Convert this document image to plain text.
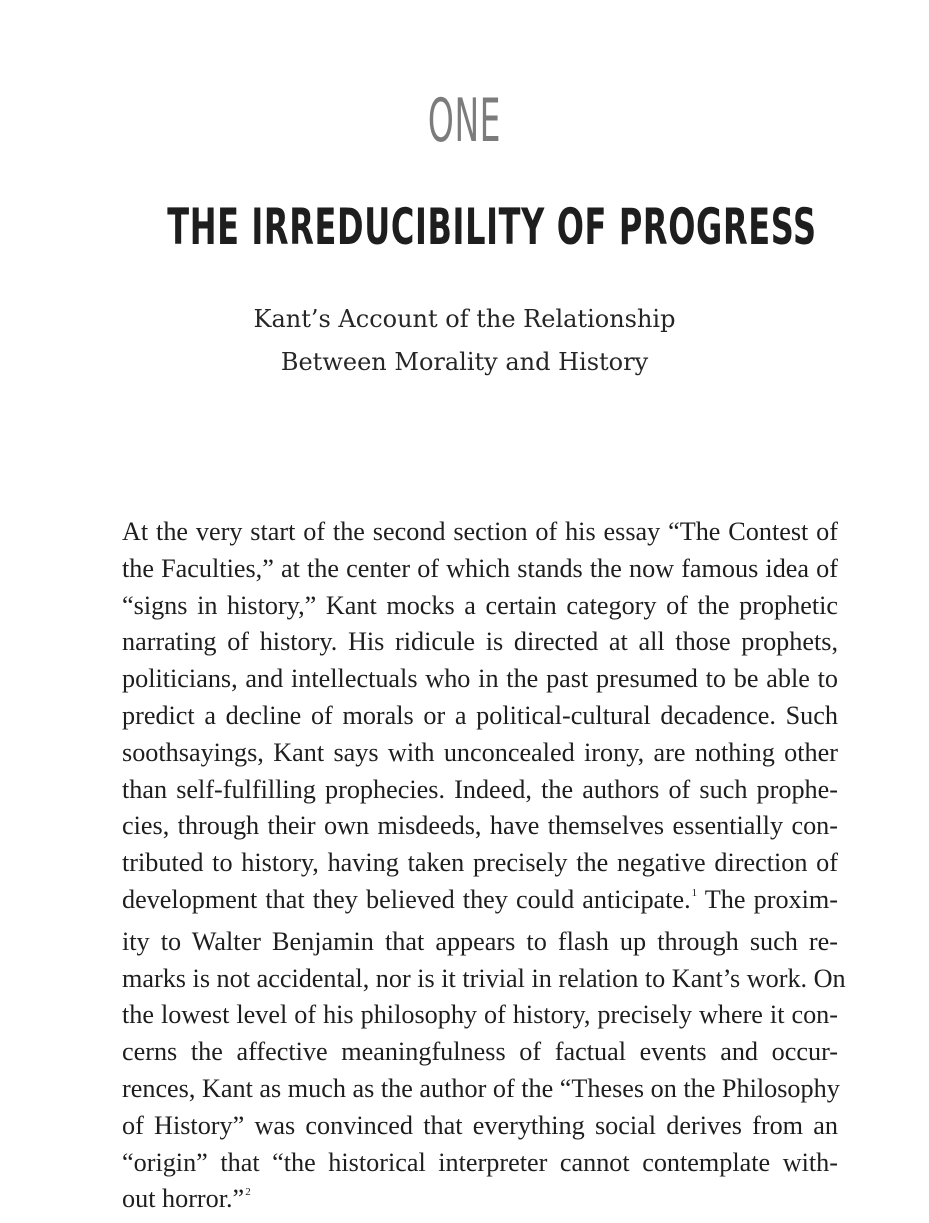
ONE
THE IRREDUCIBILITY OF PROGRESS
Kant’s Account of the Relationship
Between Morality and History
At the very start of the second section of his essay “The Contest of
the Faculties,” at the center of which stands the now famous idea of
“signs in history,” Kant mocks a certain category of the prophetic
narrating of history. His ridicule is directed at all those prophets,
politicians, and intellectuals who in the past presumed to be able to
predict a decline of morals or a political-cultural decadence. Such
soothsayings, Kant says with unconcealed irony, are nothing other
than self-fulfilling prophecies. Indeed, the authors of such prophe-
cies, through their own misdeeds, have themselves essentially con-
tributed to history, having taken precisely the negative direction of
development that they believed they could anticipate.$^1$ The proxim-
ity to Walter Benjamin that appears to flash up through such re-
marks is not accidental, nor is it trivial in relation to Kant’s work. On
the lowest level of his philosophy of history, precisely where it con-
cerns the affective meaningfulness of factual events and occur-
rences, Kant as much as the author of the “Theses on the Philosophy
of History” was convinced that everything social derives from an
“origin” that “the historical interpreter cannot contemplate with-
out horror.”$^2$
